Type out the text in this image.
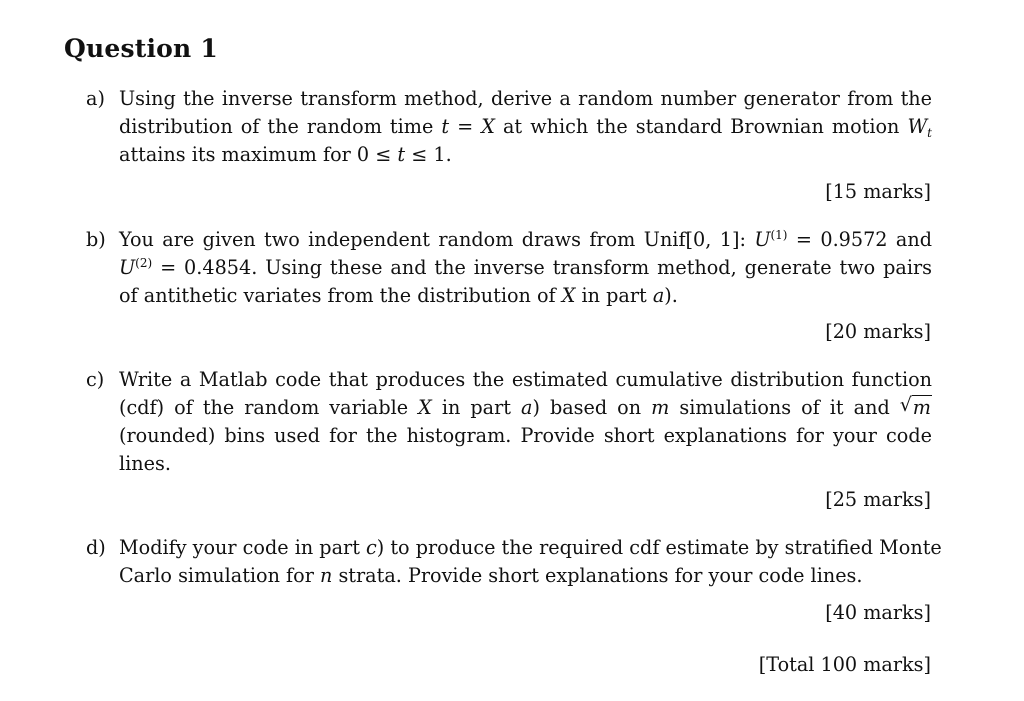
Question 1
a) Using the inverse transform method, derive a random number generator from the
distribution of the random time t = X at which the standard Brownian motion $W_t$
attains its maximum for 0 ≤ t ≤ 1.
[15 marks]
b) You are given two independent random draws from Unif[0, 1]: $U^{(1)} = 0.9572$ and
$U^{(2)} = 0.4854$. Using these and the inverse transform method, generate two pairs
of antithetic variates from the distribution of X in part a).
[20 marks]
c) Write a Matlab code that produces the estimated cumulative distribution function
(cdf) of the random variable X in part a) based on m simulations of it and √ m
(rounded) bins used for the histogram. Provide short explanations for your code
lines.
[25 marks]
d) Modify your code in part c) to produce the required cdf estimate by stratified Monte
Carlo simulation for n strata. Provide short explanations for your code lines.
[40 marks]
[Total 100 marks]
